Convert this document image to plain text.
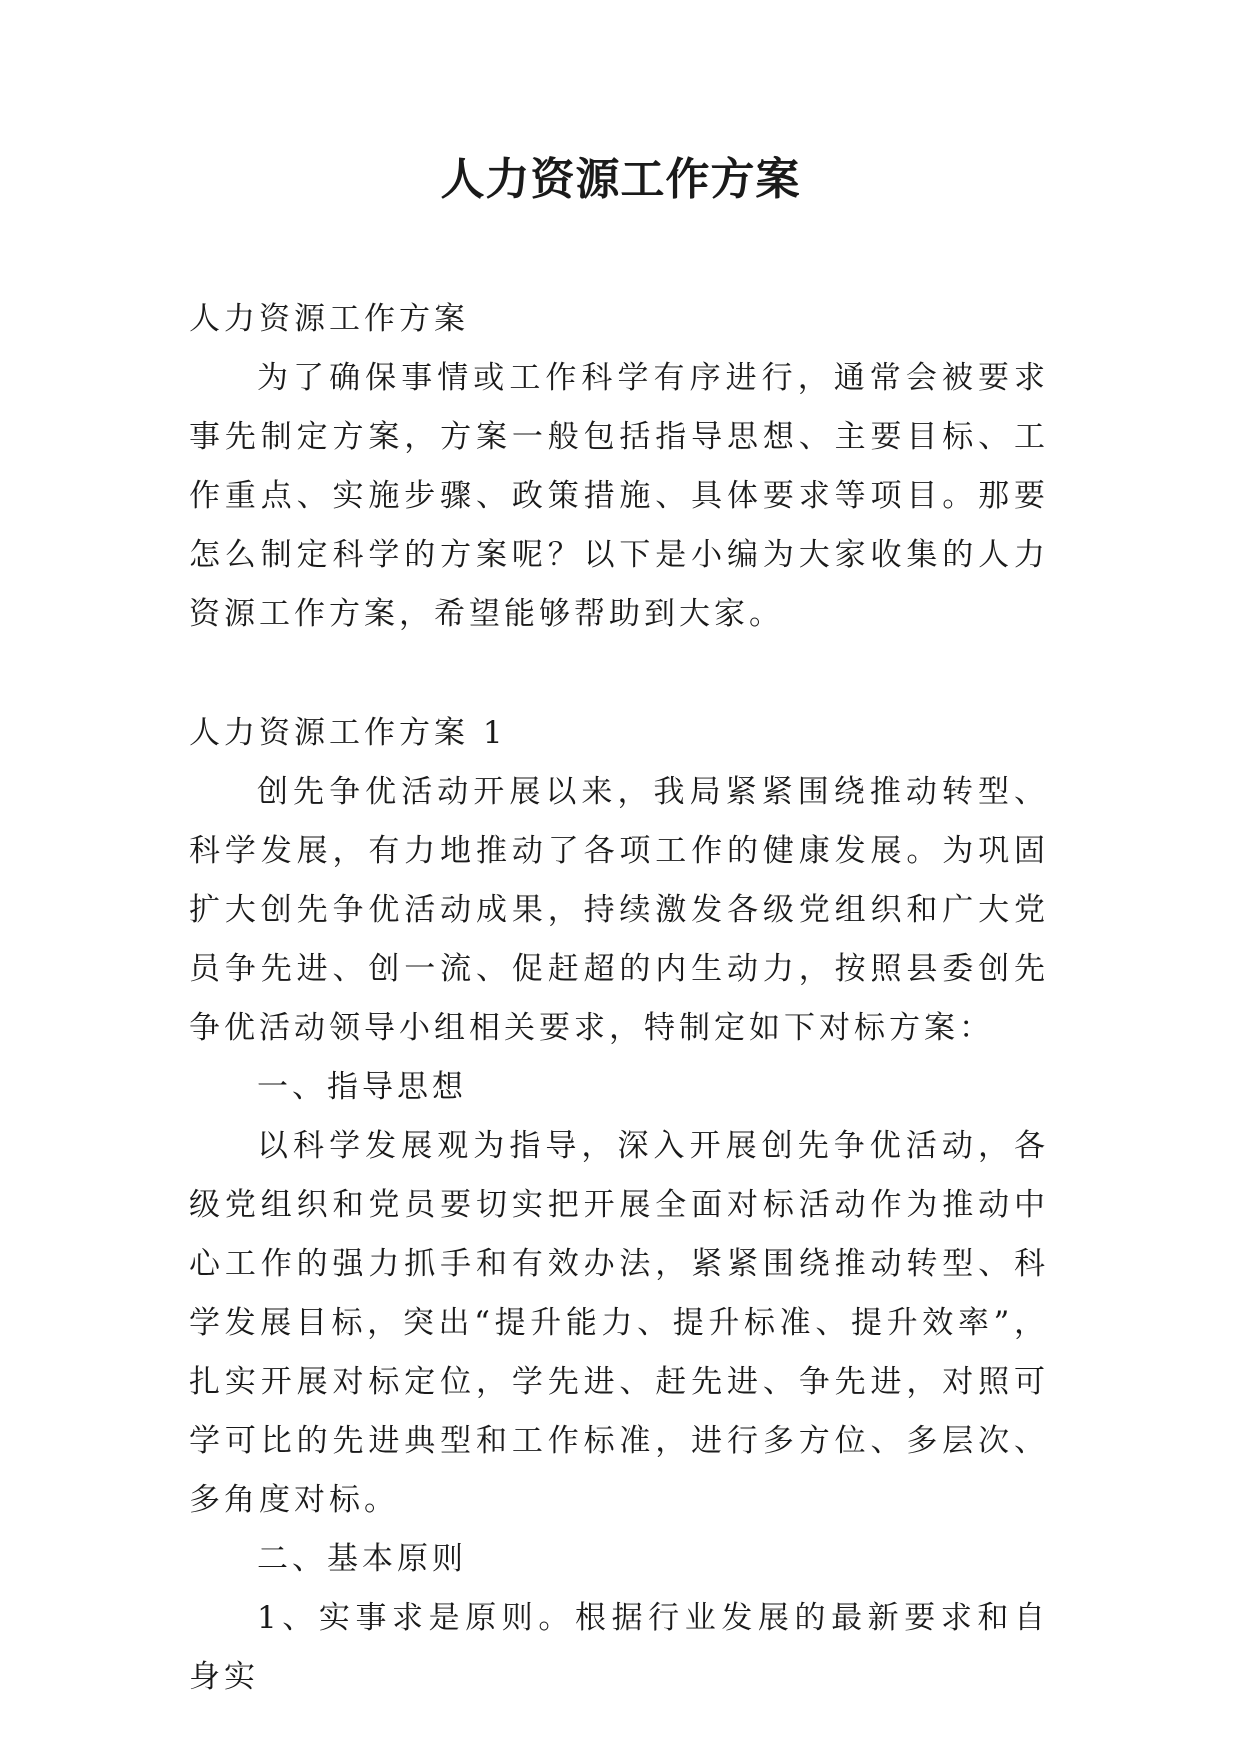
人力资源工作方案

人力资源工作方案

为了确保事情或工作科学有序进行，通常会被要求事先制定方案，方案一般包括指导思想、主要目标、工作重点、实施步骤、政策措施、具体要求等项目。那要怎么制定科学的方案呢？以下是小编为大家收集的人力资源工作方案，希望能够帮助到大家。

人力资源工作方案 1

创先争优活动开展以来，我局紧紧围绕推动转型、科学发展，有力地推动了各项工作的健康发展。为巩固扩大创先争优活动成果，持续激发各级党组织和广大党员争先进、创一流、促赶超的内生动力，按照县委创先争优活动领导小组相关要求，特制定如下对标方案：

一、指导思想

以科学发展观为指导，深入开展创先争优活动，各级党组织和党员要切实把开展全面对标活动作为推动中心工作的强力抓手和有效办法，紧紧围绕推动转型、科学发展目标，突出“提升能力、提升标准、提升效率”，扎实开展对标定位，学先进、赶先进、争先进，对照可学可比的先进典型和工作标准，进行多方位、多层次、多角度对标。

二、基本原则

1、实事求是原则。根据行业发展的最新要求和自身实
